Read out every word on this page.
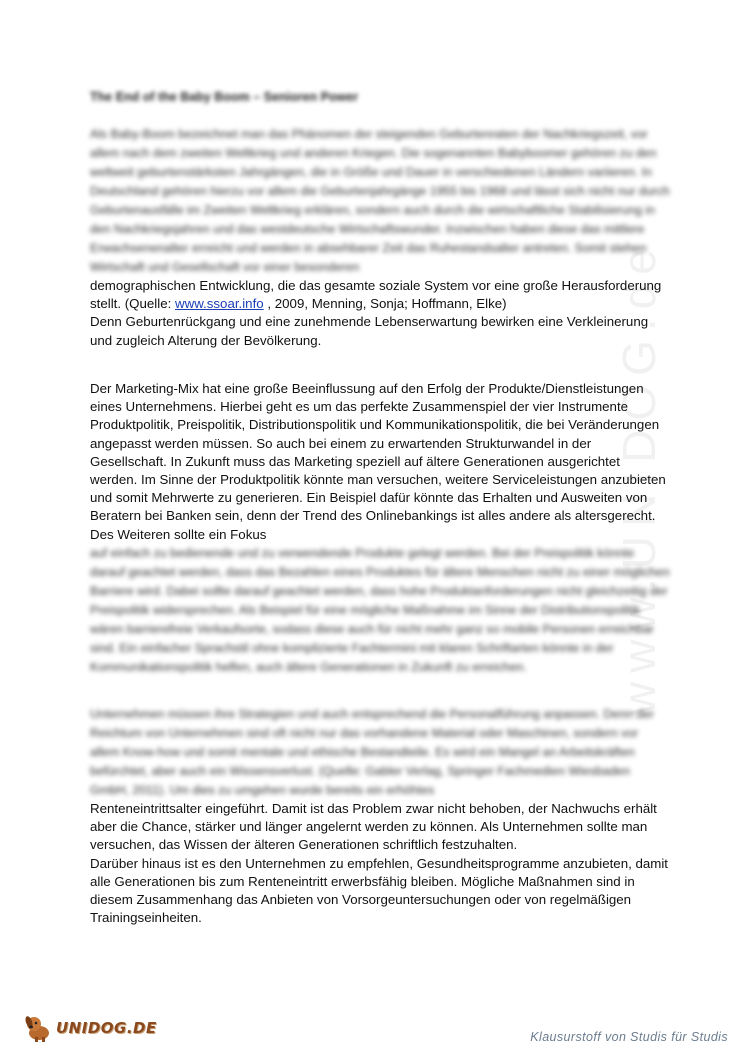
www.UNIDOG.de
The End of the Baby Boom – Senioren Power

Als Baby-Boom bezeichnet man das Phänomen der steigenden Geburtenraten der Nachkriegszeit, vor allem nach dem zweiten Weltkrieg und anderen Kriegen. Die sogenannten Babyboomer gehören zu den weltweit geburtenstärksten Jahrgängen, die in Größe und Dauer in verschiedenen Ländern variieren. In Deutschland gehören hierzu vor allem die Geburtenjahrgänge 1955 bis 1968 und lässt sich nicht nur durch Geburtenausfälle im Zweiten Weltkrieg erklären, sondern auch durch die wirtschaftliche Stabilisierung in den Nachkriegsjahren und das westdeutsche Wirtschaftswunder. Inzwischen haben diese das mittlere Erwachsenenalter erreicht und werden in absehbarer Zeit das Ruhestandsalter antreten. Somit stehen Wirtschaft und Gesellschaft vor einer besonderen

demographischen Entwicklung, die das gesamte soziale System vor eine große Herausforderung

stellt. (Quelle: www.ssoar.info , 2009, Menning, Sonja; Hoffmann, Elke)

Denn Geburtenrückgang und eine zunehmende Lebenserwartung bewirken eine Verkleinerung und zugleich Alterung der Bevölkerung.

Der Marketing-Mix hat eine große Beeinflussung auf den Erfolg der Produkte/Dienstleistungen eines Unternehmens. Hierbei geht es um das perfekte Zusammenspiel der vier Instrumente Produktpolitik, Preispolitik, Distributionspolitik und Kommunikationspolitik, die bei Veränderungen angepasst werden müssen. So auch bei einem zu erwartenden Strukturwandel in der Gesellschaft. In Zukunft muss das Marketing speziell auf ältere Generationen ausgerichtet werden. Im Sinne der Produktpolitik könnte man versuchen, weitere Serviceleistungen anzubieten und somit Mehrwerte zu generieren. Ein Beispiel dafür könnte das Erhalten und Ausweiten von Beratern bei Banken sein, denn der Trend des Onlinebankings ist alles andere als altersgerecht. Des Weiteren sollte ein Fokus

auf einfach zu bedienende und zu verwendende Produkte gelegt werden. Bei der Preispolitik könnte darauf geachtet werden, dass das Bezahlen eines Produktes für ältere Menschen nicht zu einer möglichen Barriere wird. Dabei sollte darauf geachtet werden, dass hohe Produktanforderungen nicht gleichzeitig der Preispolitik widersprechen. Als Beispiel für eine mögliche Maßnahme im Sinne der Distributionspolitik wären barrierefreie Verkaufsorte, sodass diese auch für nicht mehr ganz so mobile Personen erreichbar sind. Ein einfacher Sprachstil ohne komplizierte Fachtermini mit klaren Schriftarten könnte in der Kommunikationspolitik helfen, auch ältere Generationen in Zukunft zu erreichen.

Unternehmen müssen ihre Strategien und auch entsprechend die Personalführung anpassen. Denn der Reichtum von Unternehmen sind oft nicht nur das vorhandene Material oder Maschinen, sondern vor allem Know-how und somit mentale und ethische Bestandteile. Es wird ein Mangel an Arbeitskräften befürchtet, aber auch ein Wissensverlust. (Quelle: Gabler Verlag, Springer Fachmedien Wiesbaden GmbH, 2011). Um dies zu umgehen wurde bereits ein erhöhtes

Renteneintrittsalter eingeführt. Damit ist das Problem zwar nicht behoben, der Nachwuchs erhält aber die Chance, stärker und länger angelernt werden zu können. Als Unternehmen sollte man versuchen, das Wissen der älteren Generationen schriftlich festzuhalten.

Darüber hinaus ist es den Unternehmen zu empfehlen, Gesundheitsprogramme anzubieten, damit alle Generationen bis zum Renteneintritt erwerbsfähig bleiben. Mögliche Maßnahmen sind in diesem Zusammenhang das Anbieten von Vorsorgeuntersuchungen oder von regelmäßigen Trainingseinheiten.

UNIDOG.DE	Klausurstoff von Studis für Studis
